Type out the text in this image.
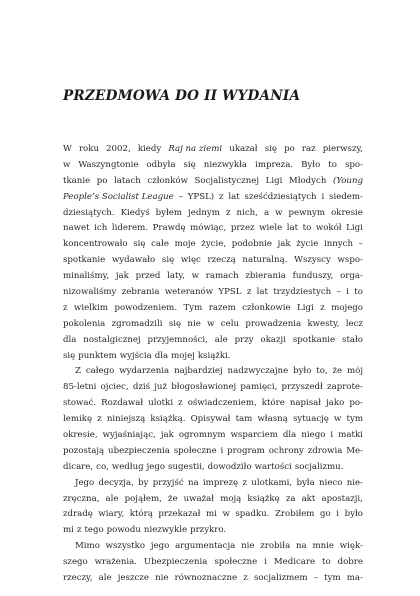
PRZEDMOWA DO II WYDANIA
W roku 2002, kiedy Raj na ziemi ukazał się po raz pierwszy,
w Waszyngtonie odbyła się niezwykła impreza. Było to spo-
tkanie po latach członków Socjalistycznej Ligi Młodych (Young
People’s Socialist League – YPSL) z lat sześćdziesiątych i siedem-
dziesiątych. Kiedyś byłem jednym z nich, a w pewnym okresie
nawet ich liderem. Prawdę mówiąc, przez wiele lat to wokół Ligi
koncentrowało się całe moje życie, podobnie jak życie innych –
spotkanie wydawało się więc rzeczą naturalną. Wszyscy wspo-
minaliśmy, jak przed laty, w ramach zbierania funduszy, orga-
nizowaliśmy zebrania weteranów YPSL z lat trzydziestych – i to
z wielkim powodzeniem. Tym razem członkowie Ligi z mojego
pokolenia zgromadzili się nie w celu prowadzenia kwesty, lecz
dla nostalgicznej przyjemności, ale przy okazji spotkanie stało
się punktem wyjścia dla mojej książki.
Z całego wydarzenia najbardziej nadzwyczajne było to, że mój
85-letni ojciec, dziś już błogosławionej pamięci, przyszedł zaprote-
stować. Rozdawał ulotki z oświadczeniem, które napisał jako po-
lemikę z niniejszą książką. Opisywał tam własną sytuację w tym
okresie, wyjaśniając, jak ogromnym wsparciem dla niego i matki
pozostają ubezpieczenia społeczne i program ochrony zdrowia Me-
dicare, co, według jego sugestii, dowodziło wartości socjalizmu.
Jego decyzja, by przyjść na imprezę z ulotkami, była nieco nie-
zręczna, ale pojąłem, że uważał moją książkę za akt apostazji,
zdradę wiary, którą przekazał mi w spadku. Zrobiłem go i było
mi z tego powodu niezwykle przykro.
Mimo wszystko jego argumentacja nie zrobiła na mnie więk-
szego wrażenia. Ubezpieczenia społeczne i Medicare to dobre
rzeczy, ale jeszcze nie równoznaczne z socjalizmem – tym ma-
